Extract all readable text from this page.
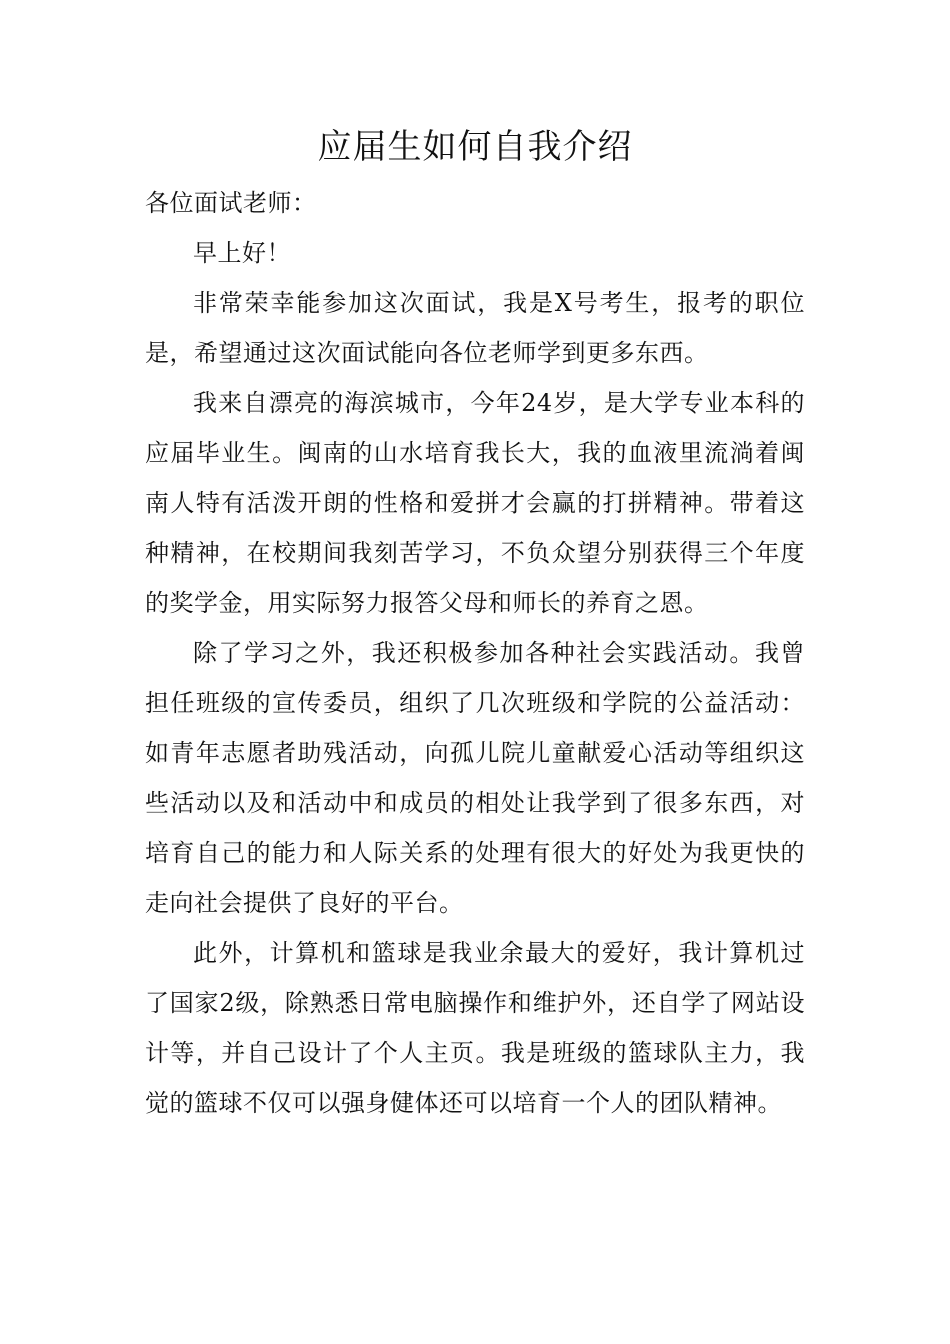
应届生如何自我介绍

各位面试老师：

早上好！

非常荣幸能参加这次面试，我是X号考生，报考的职位是，希望通过这次面试能向各位老师学到更多东西。

我来自漂亮的海滨城市，今年24岁，是大学专业本科的应届毕业生。闽南的山水培育我长大，我的血液里流淌着闽南人特有活泼开朗的性格和爱拼才会赢的打拼精神。带着这种精神，在校期间我刻苦学习，不负众望分别获得三个年度的奖学金，用实际努力报答父母和师长的养育之恩。

除了学习之外，我还积极参加各种社会实践活动。我曾担任班级的宣传委员，组织了几次班级和学院的公益活动：如青年志愿者助残活动，向孤儿院儿童献爱心活动等组织这些活动以及和活动中和成员的相处让我学到了很多东西，对培育自己的能力和人际关系的处理有很大的好处为我更快的走向社会提供了良好的平台。

此外，计算机和篮球是我业余最大的爱好，我计算机过了国家2级，除熟悉日常电脑操作和维护外，还自学了网站设计等，并自己设计了个人主页。我是班级的篮球队主力，我觉的篮球不仅可以强身健体还可以培育一个人的团队精神。
